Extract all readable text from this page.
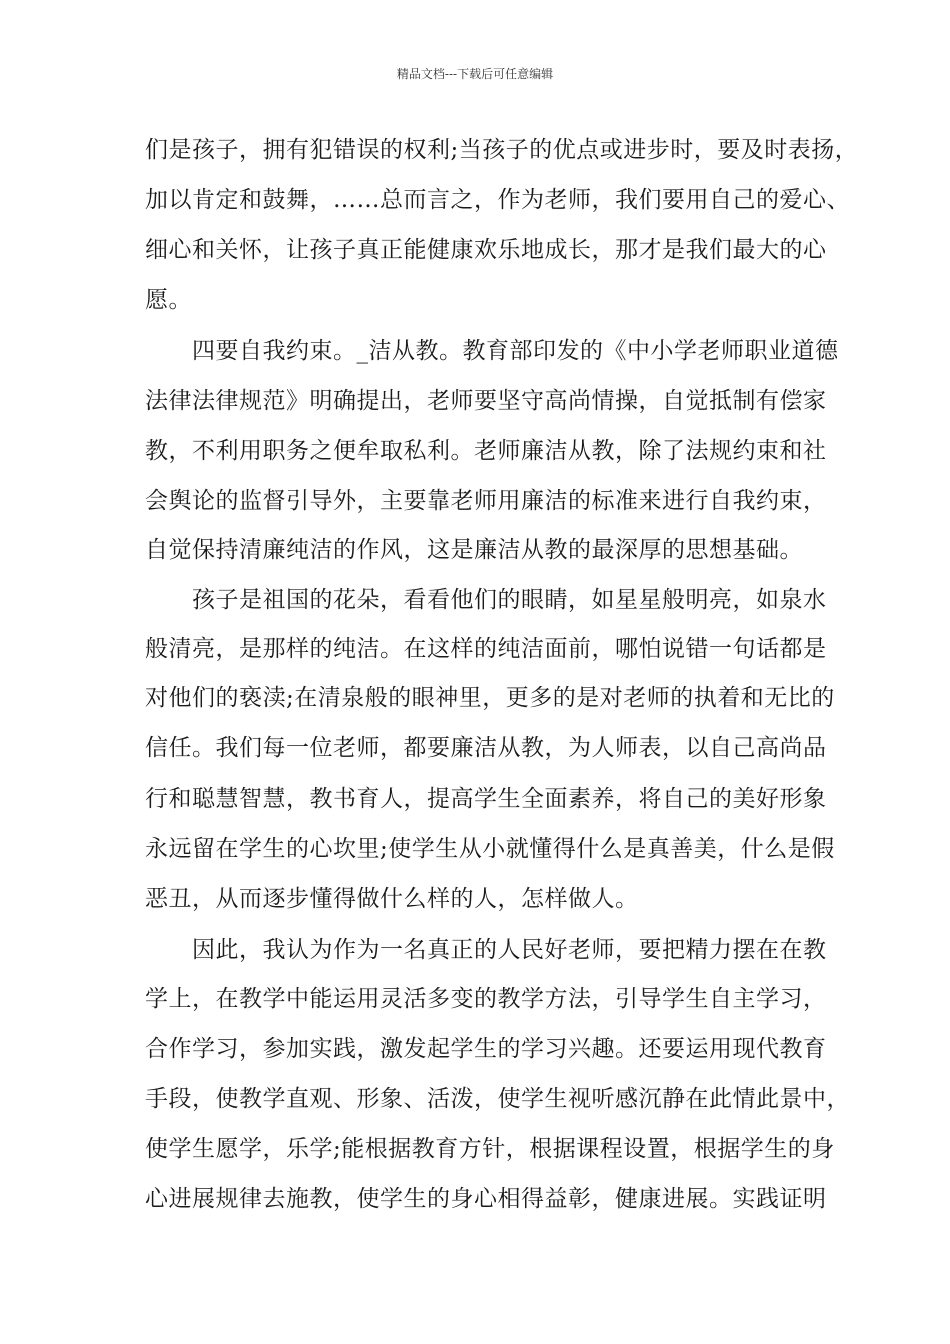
精品文档---下载后可任意编辑
们是孩子，拥有犯错误的权利;当孩子的优点或进步时，要及时表扬，
加以肯定和鼓舞，……总而言之，作为老师，我们要用自己的爱心、
细心和关怀，让孩子真正能健康欢乐地成长，那才是我们最大的心
愿。
四要自我约束。_洁从教。教育部印发的《中小学老师职业道德
法律法律规范》明确提出，老师要坚守高尚情操，自觉抵制有偿家
教，不利用职务之便牟取私利。老师廉洁从教，除了法规约束和社
会舆论的监督引导外，主要靠老师用廉洁的标准来进行自我约束，
自觉保持清廉纯洁的作风，这是廉洁从教的最深厚的思想基础。
孩子是祖国的花朵，看看他们的眼睛，如星星般明亮，如泉水
般清亮，是那样的纯洁。在这样的纯洁面前，哪怕说错一句话都是
对他们的亵渎;在清泉般的眼神里，更多的是对老师的执着和无比的
信任。我们每一位老师，都要廉洁从教，为人师表，以自己高尚品
行和聪慧智慧，教书育人，提高学生全面素养，将自己的美好形象
永远留在学生的心坎里;使学生从小就懂得什么是真善美，什么是假
恶丑，从而逐步懂得做什么样的人，怎样做人。
因此，我认为作为一名真正的人民好老师，要把精力摆在在教
学上，在教学中能运用灵活多变的教学方法，引导学生自主学习，
合作学习，参加实践，激发起学生的学习兴趣。还要运用现代教育
手段，使教学直观、形象、活泼，使学生视听感沉静在此情此景中，
使学生愿学，乐学;能根据教育方针，根据课程设置，根据学生的身
心进展规律去施教，使学生的身心相得益彰，健康进展。实践证明
